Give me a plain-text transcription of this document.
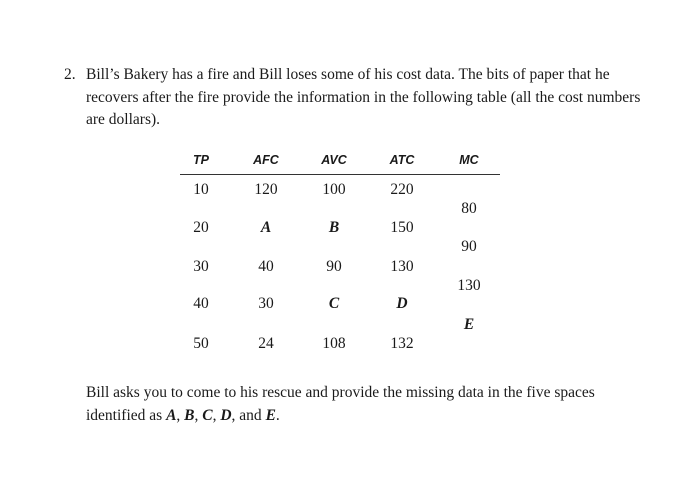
2. Bill’s Bakery has a fire and Bill loses some of his cost data. The bits of paper that he recovers after the fire provide the information in the following table (all the cost numbers are dollars).
TP	AFC	AVC	ATC	MC
10	120	100	220
80
20	A	B	150
90
30	40	90	130
130
40	30	C	D
E
50	24	108	132
Bill asks you to come to his rescue and provide the missing data in the five spaces identified as A, B, C, D, and E.
